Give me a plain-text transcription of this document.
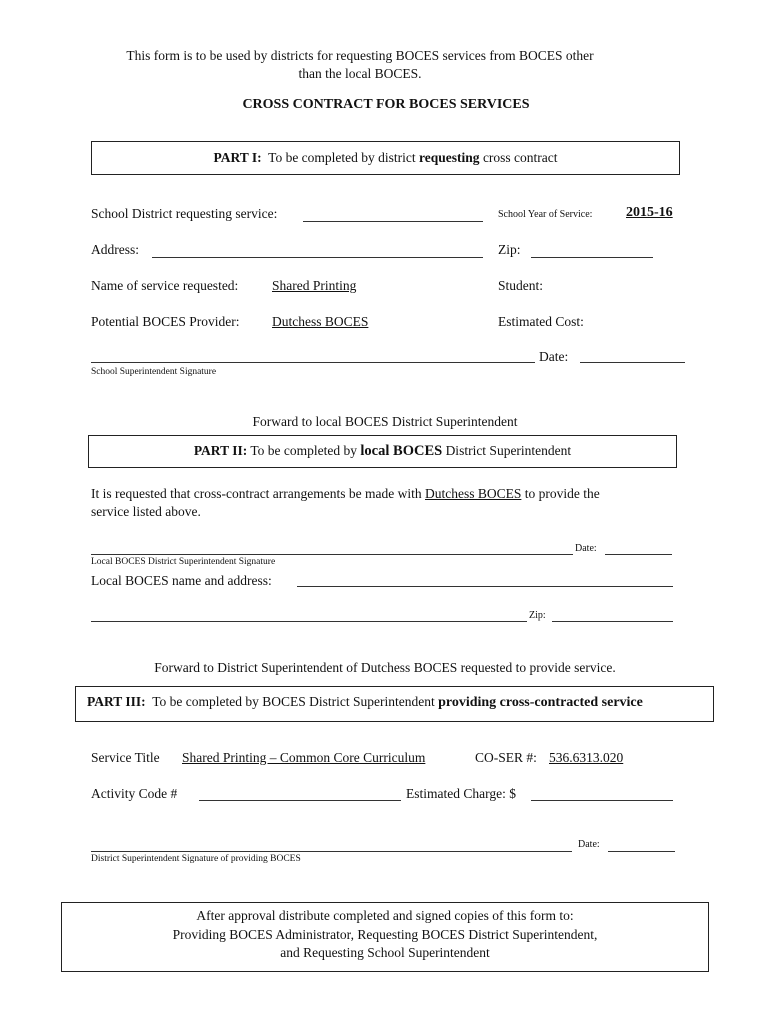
This form is to be used by districts for requesting BOCES services from BOCES other
than the local BOCES.
CROSS CONTRACT FOR BOCES SERVICES
PART I: To be completed by district requesting cross contract
School District requesting service:	School Year of Service: 2015-16
Address:	Zip:
Name of service requested: Shared Printing	Student:
Potential BOCES Provider: Dutchess BOCES	Estimated Cost:
Date:
School Superintendent Signature
Forward to local BOCES District Superintendent
PART II: To be completed by local BOCES District Superintendent
It is requested that cross-contract arrangements be made with Dutchess BOCES to provide the
service listed above.
Date:
Local BOCES District Superintendent Signature
Local BOCES name and address:
Zip:
Forward to District Superintendent of Dutchess BOCES requested to provide service.
PART III: To be completed by BOCES District Superintendent providing cross-contracted service
Service Title Shared Printing – Common Core Curriculum	CO-SER #: 536.6313.020
Activity Code #	Estimated Charge: $
Date:
District Superintendent Signature of providing BOCES
After approval distribute completed and signed copies of this form to:
Providing BOCES Administrator, Requesting BOCES District Superintendent,
and Requesting School Superintendent
